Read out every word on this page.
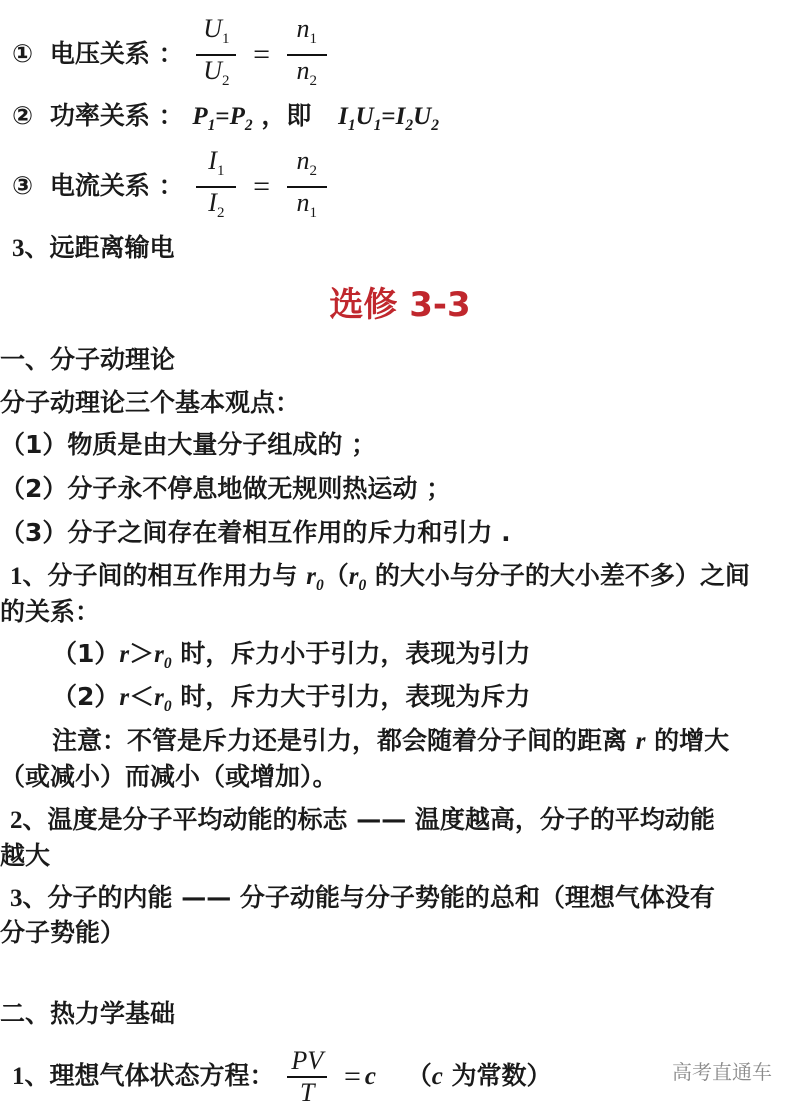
① 电压关系 ： $\frac{U_1}{U_2} = \frac{n_1}{n_2}$
② 功率关系 ： $P_1=P_2$ ，即 $I_1U_1=I_2U_2$
③ 电流关系 ： $\frac{I_1}{I_2} = \frac{n_2}{n_1}$
3、远距离输电
选修 3-3
一、分子动理论
分子动理论三个基本观点：
（1）物质是由大量分子组成的 ；
（2）分子永不停息地做无规则热运动 ；
（3）分子之间存在着相互作用的斥力和引力 .
1、分子间的相互作用力与 $r_0(r_0$ 的大小与分子的大小差不多）之间
的关系：
$(1)r>r_0$ 时，斥力小于引力，表现为引力
$(2)r<r_0$ 时，斥力大于引力，表现为斥力
注意：不管是斥力还是引力，都会随着分子间的距离 r 的增大
（或减小）而减小（或增加）。
2、温度是分子平均动能的标志 —— 温度越高，分子的平均动能
越大
3、分子的内能 —— 分子动能与分子势能的总和（理想气体没有
分子势能）
二、热力学基础
1、理想气体状态方程： $\frac{PV}{T} = c$ （c 为常数）	高考直通车
